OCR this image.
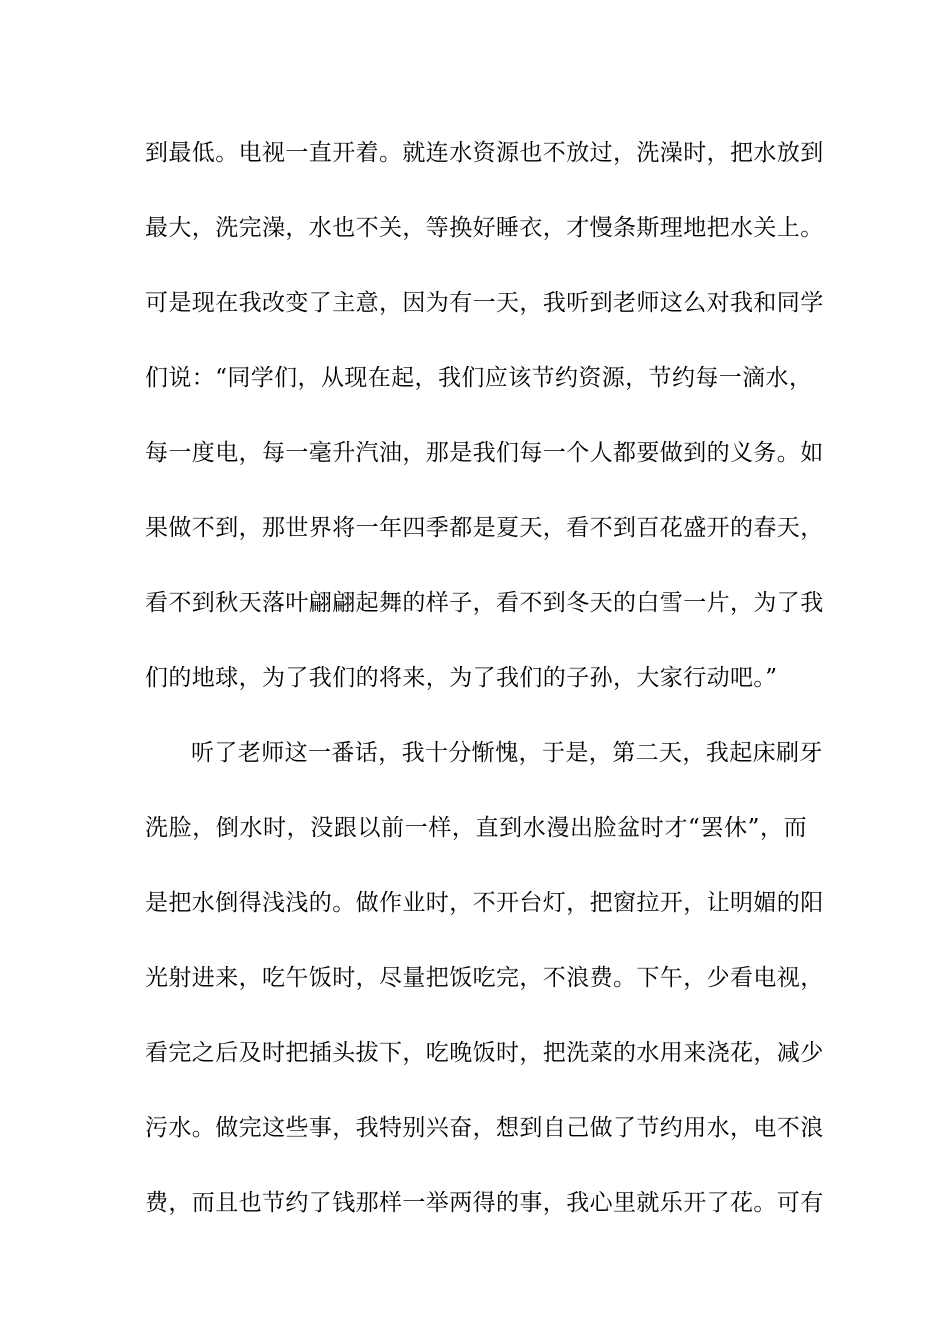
到最低。电视一直开着。就连水资源也不放过，洗澡时，把水放到
最大，洗完澡，水也不关，等换好睡衣，才慢条斯理地把水关上。
可是现在我改变了主意，因为有一天，我听到老师这么对我和同学
们说：“同学们，从现在起，我们应该节约资源，节约每一滴水，
每一度电，每一毫升汽油，那是我们每一个人都要做到的义务。如
果做不到，那世界将一年四季都是夏天，看不到百花盛开的春天，
看不到秋天落叶翩翩起舞的样子，看不到冬天的白雪一片，为了我
们的地球，为了我们的将来，为了我们的子孙，大家行动吧。”
听了老师这一番话，我十分惭愧，于是，第二天，我起床刷牙
洗脸，倒水时，没跟以前一样，直到水漫出脸盆时才“罢休”，而
是把水倒得浅浅的。做作业时，不开台灯，把窗拉开，让明媚的阳
光射进来，吃午饭时，尽量把饭吃完，不浪费。下午，少看电视，
看完之后及时把插头拔下，吃晚饭时，把洗菜的水用来浇花，减少
污水。做完这些事，我特别兴奋，想到自己做了节约用水，电不浪
费，而且也节约了钱那样一举两得的事，我心里就乐开了花。可有
